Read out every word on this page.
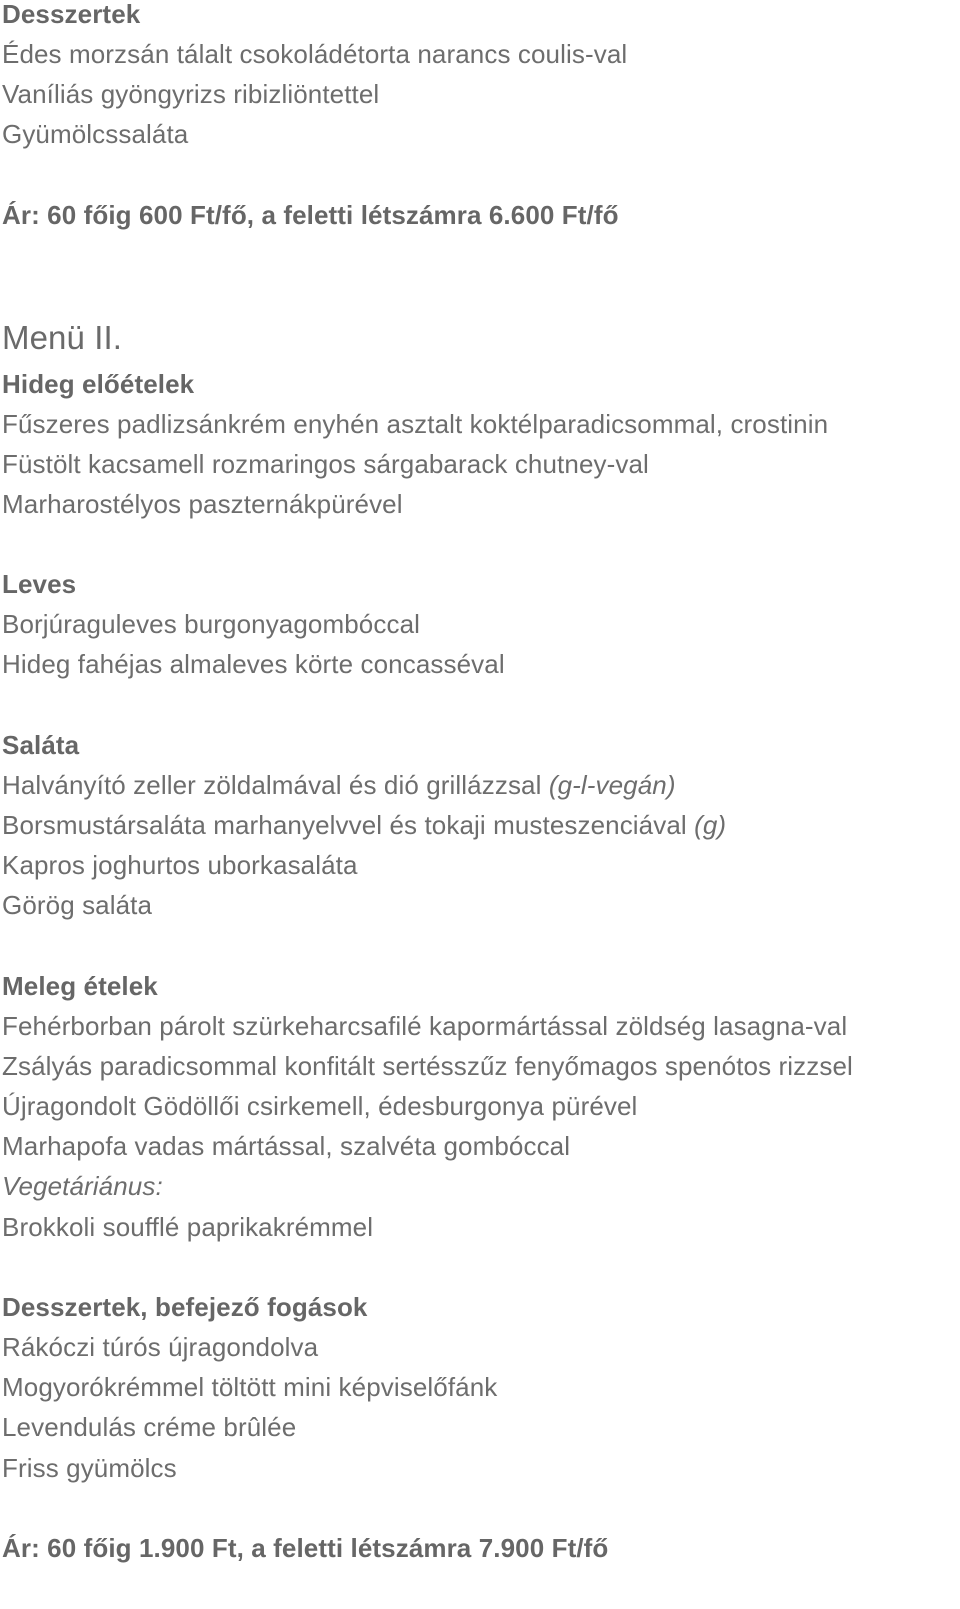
Desszertek
Édes morzsán tálalt csokoládétorta narancs coulis-val
Vaníliás gyöngyrizs ribizliöntettel
Gyümölcssaláta
Ár: 60 főig 600 Ft/fő, a feletti létszámra 6.600 Ft/fő
Menü II.
Hideg előételek
Fűszeres padlizsánkrém enyhén asztalt koktélparadicsommal, crostinin
Füstölt kacsamell rozmaringos sárgabarack chutney-val
Marharostélyos paszternákpürével
Leves
Borjúraguleves burgonyagombóccal
Hideg fahéjas almaleves körte concasséval
Saláta
Halványító zeller zöldalmával és dió grillázzsal (g-l-vegán)
Borsmustársaláta marhanyelvvel és tokaji musteszenciával (g)
Kapros joghurtos uborkasaláta
Görög saláta
Meleg ételek
Fehérborban párolt szürkeharcsafilé kapormártással zöldség lasagna-val
Zsályás paradicsommal konfitált sertésszűz fenyőmagos spenótos rizzsel
Újragondolt Gödöllői csirkemell, édesburgonya pürével
Marhapofa vadas mártással, szalvéta gombóccal
Vegetáriánus:
Brokkoli soufflé paprikakrémmel
Desszertek, befejező fogások
Rákóczi túrós újragondolva
Mogyorókrémmel töltött mini képviselőfánk
Levendulás créme brûlée
Friss gyümölcs
Ár: 60 főig 1.900 Ft, a feletti létszámra 7.900 Ft/fő
